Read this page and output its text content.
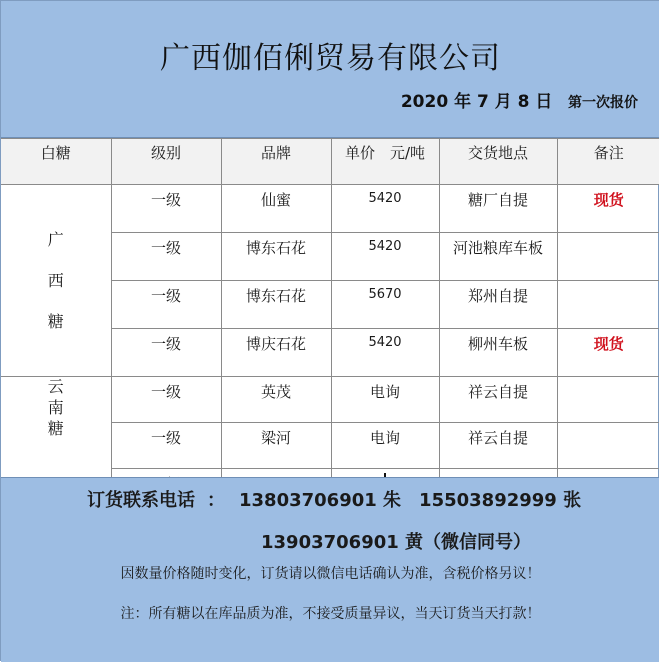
广西伽佰俐贸易有限公司
2020 年 7 月 8 日 第一次报价
白糖	级别	品牌	单价　元/吨	交货地点	备注

广
西
糖	一级	仙蜜	5420	糖厂自提	现货
	一级	博东石花	5420	河池粮库车板	
	一级	博东石花	5670	郑州自提	
	一级	博庆石花	5420	柳州车板	现货

云
南
糖	一级	英茂	电询	祥云自提	
	一级	梁河	电询	祥云自提	

订货联系电话 ： 13803706901 朱 15503892999 张
13903706901 黄（微信同号）
因数量价格随时变化，订货请以微信电话确认为准，含税价格另议！
注：所有糖以在库品质为准，不接受质量异议，当天订货当天打款！
